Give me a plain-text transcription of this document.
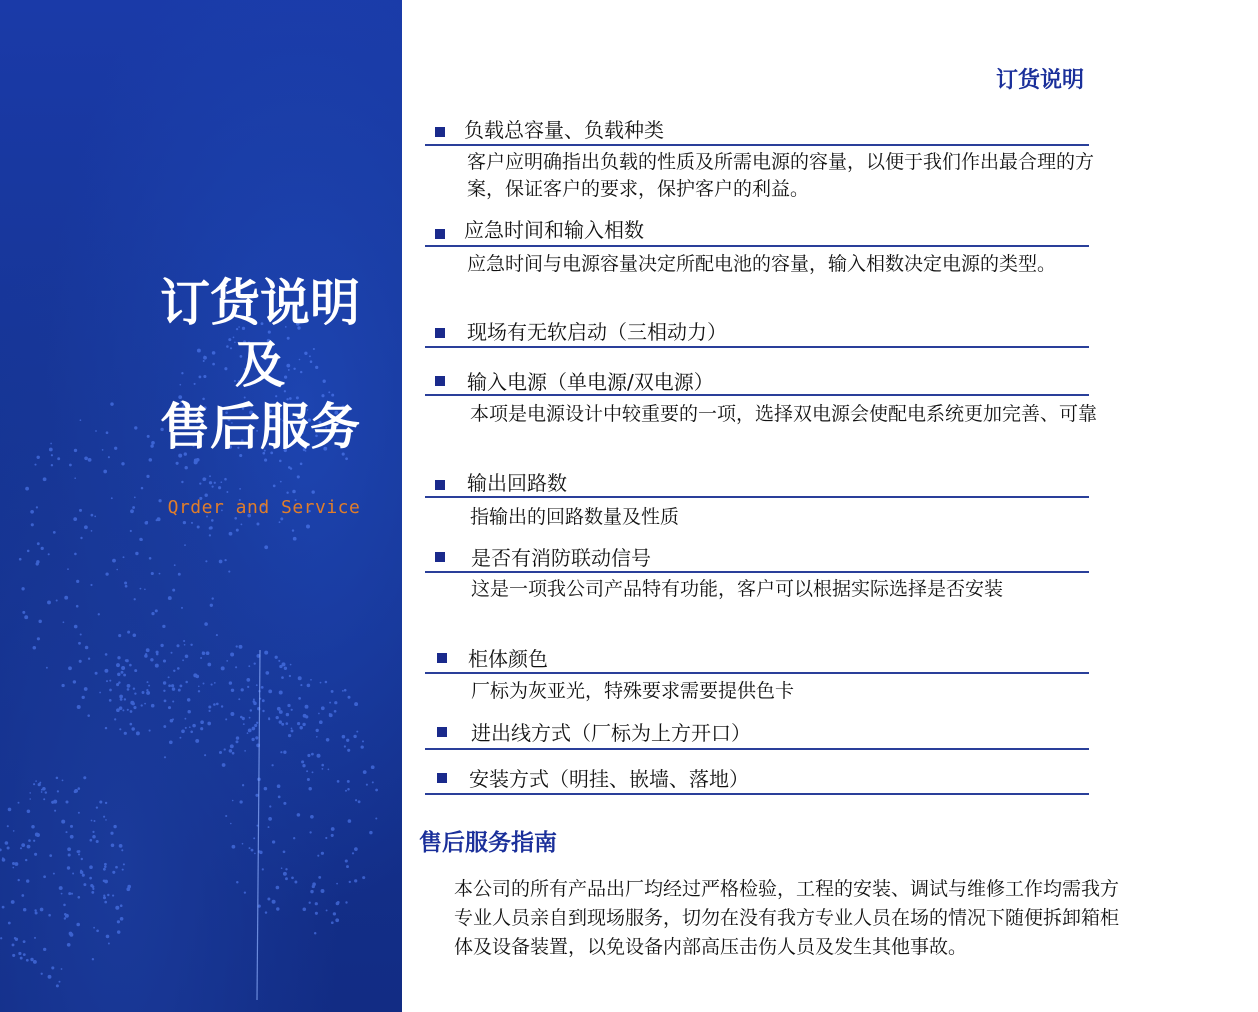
订货说明
及
售后服务
Qrder and Service
订货说明
负载总容量、负载种类
客户应明确指出负载的性质及所需电源的容量，以便于我们作出最合理的方案，保证客户的要求，保护客户的利益。
应急时间和输入相数
应急时间与电源容量决定所配电池的容量，输入相数决定电源的类型。
现场有无软启动（三相动力）
输入电源（单电源/双电源）
本项是电源设计中较重要的一项，选择双电源会使配电系统更加完善、可靠
输出回路数
指输出的回路数量及性质
是否有消防联动信号
这是一项我公司产品特有功能，客户可以根据实际选择是否安装
柜体颜色
厂标为灰亚光，特殊要求需要提供色卡
进出线方式（厂标为上方开口）
安装方式（明挂、嵌墙、落地）
售后服务指南
本公司的所有产品出厂均经过严格检验，工程的安装、调试与维修工作均需我方专业人员亲自到现场服务，切勿在没有我方专业人员在场的情况下随便拆卸箱柜体及设备装置，以免设备内部高压击伤人员及发生其他事故。
